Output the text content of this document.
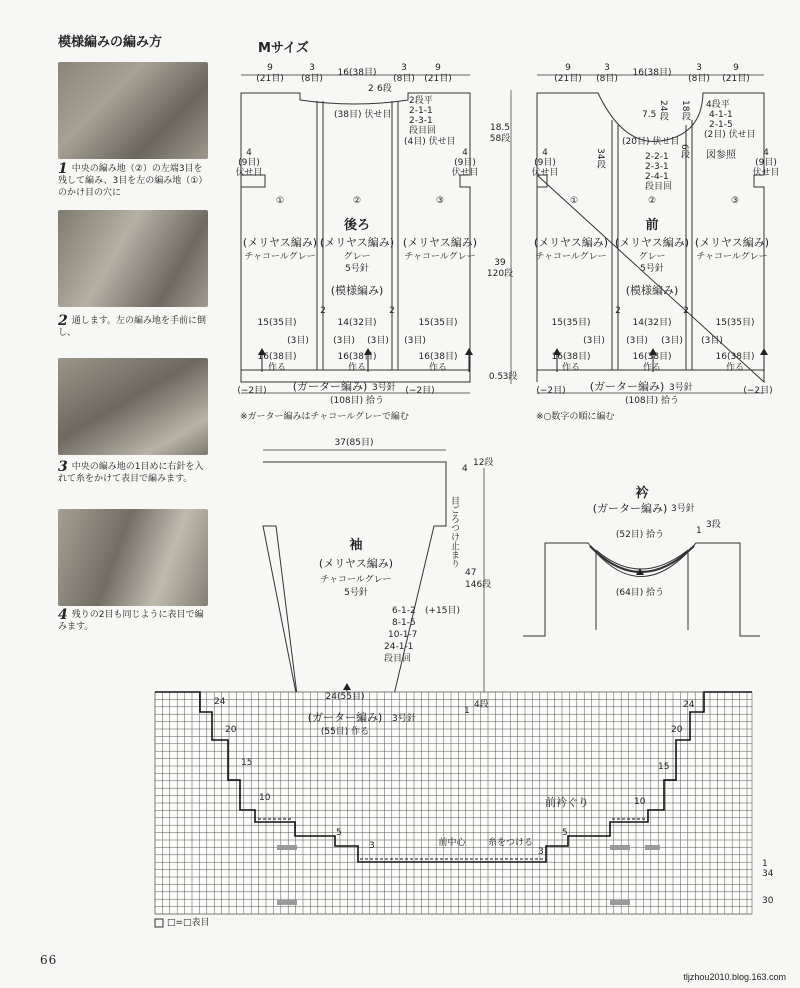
模様編みの編み方	Mサイズ
1 中央の編み地（②）の左端3目を残して編み、3目を左の編み地（①）のかけ目の穴に
2 通します。左の編み地を手前に倒し、
3 中央の編み地の1目めに右針を入れて糸をかけて表目で編みます。
4 残りの2目も同じように表目で編みます。
9
(21目)
3
(8目)
16(38目)	3
(8目)
9
(21目)
2 6段
(38目) 伏せ目
2段平
2-1-1
2-3-1
段目回
(4目) 伏せ目
4
(9目)
伏せ目
4
(9目)
伏せ目
①
(メリヤス編み)
チャコールグレー
②
後ろ
(メリヤス編み)
グレー
5号針
(模様編み)
③
(メリヤス編み)
チャコールグレー
2	2
15(35目)	14(32目)	15(35目)
(3目)	(3目) (3目) (3目)
16(38目)
作る
16(38目)
作る
16(38目)
作る
(−2目) (ガーター編み) 3号針 (−2目)
(108目) 拾う
※ガーター編みはチャコールグレーで編む
18.5
58段
39
120段
0.5 3段
9
(21目)
3
(8目)
16(38目)	3
(8目)
9
(21目)
7.5 24段 18段 4段平
4-1-1
2-1-5
(2目) 伏せ目
(20目) 伏せ目
6段 図参照
2-2-1
2-3-1
2-4-1
段目回
34段
4
(9目)
伏せ目
4
(9目)
伏せ目
①
(メリヤス編み)
チャコールグレー
②
前
(メリヤス編み)
グレー
5号針
(模様編み)
③
(メリヤス編み)
チャコールグレー
2	2
15(35目)	14(32目)	15(35目)
(3目) (3目) (3目) (3目)
16(38目)
作る
16(38目)
作る
16(38目)
作る
(−2目) (ガーター編み) 3号針	(−2目)
(108目) 拾う
※○数字の順に編む
37(85目)
4
12段
目ごろつけ止まり
袖
(メリヤス編み)
チャコールグレー
5号針
47
146段
6-1-2
8-1-5
10-1-7
24-1-1
段目回
(+15目)
24(55目)
(ガーター編み) 3号針
(55目) 作る
1
4段
衿
(ガーター編み) 3号針
(52目) 拾う	1
3段
(64目) 拾う
前衿ぐり
前中心 糸をつける
24
20
15
10
5
3
24
20
15
10
5
3
1
34
30
□=□表目
66
tljzhou2010.blog.163.com
